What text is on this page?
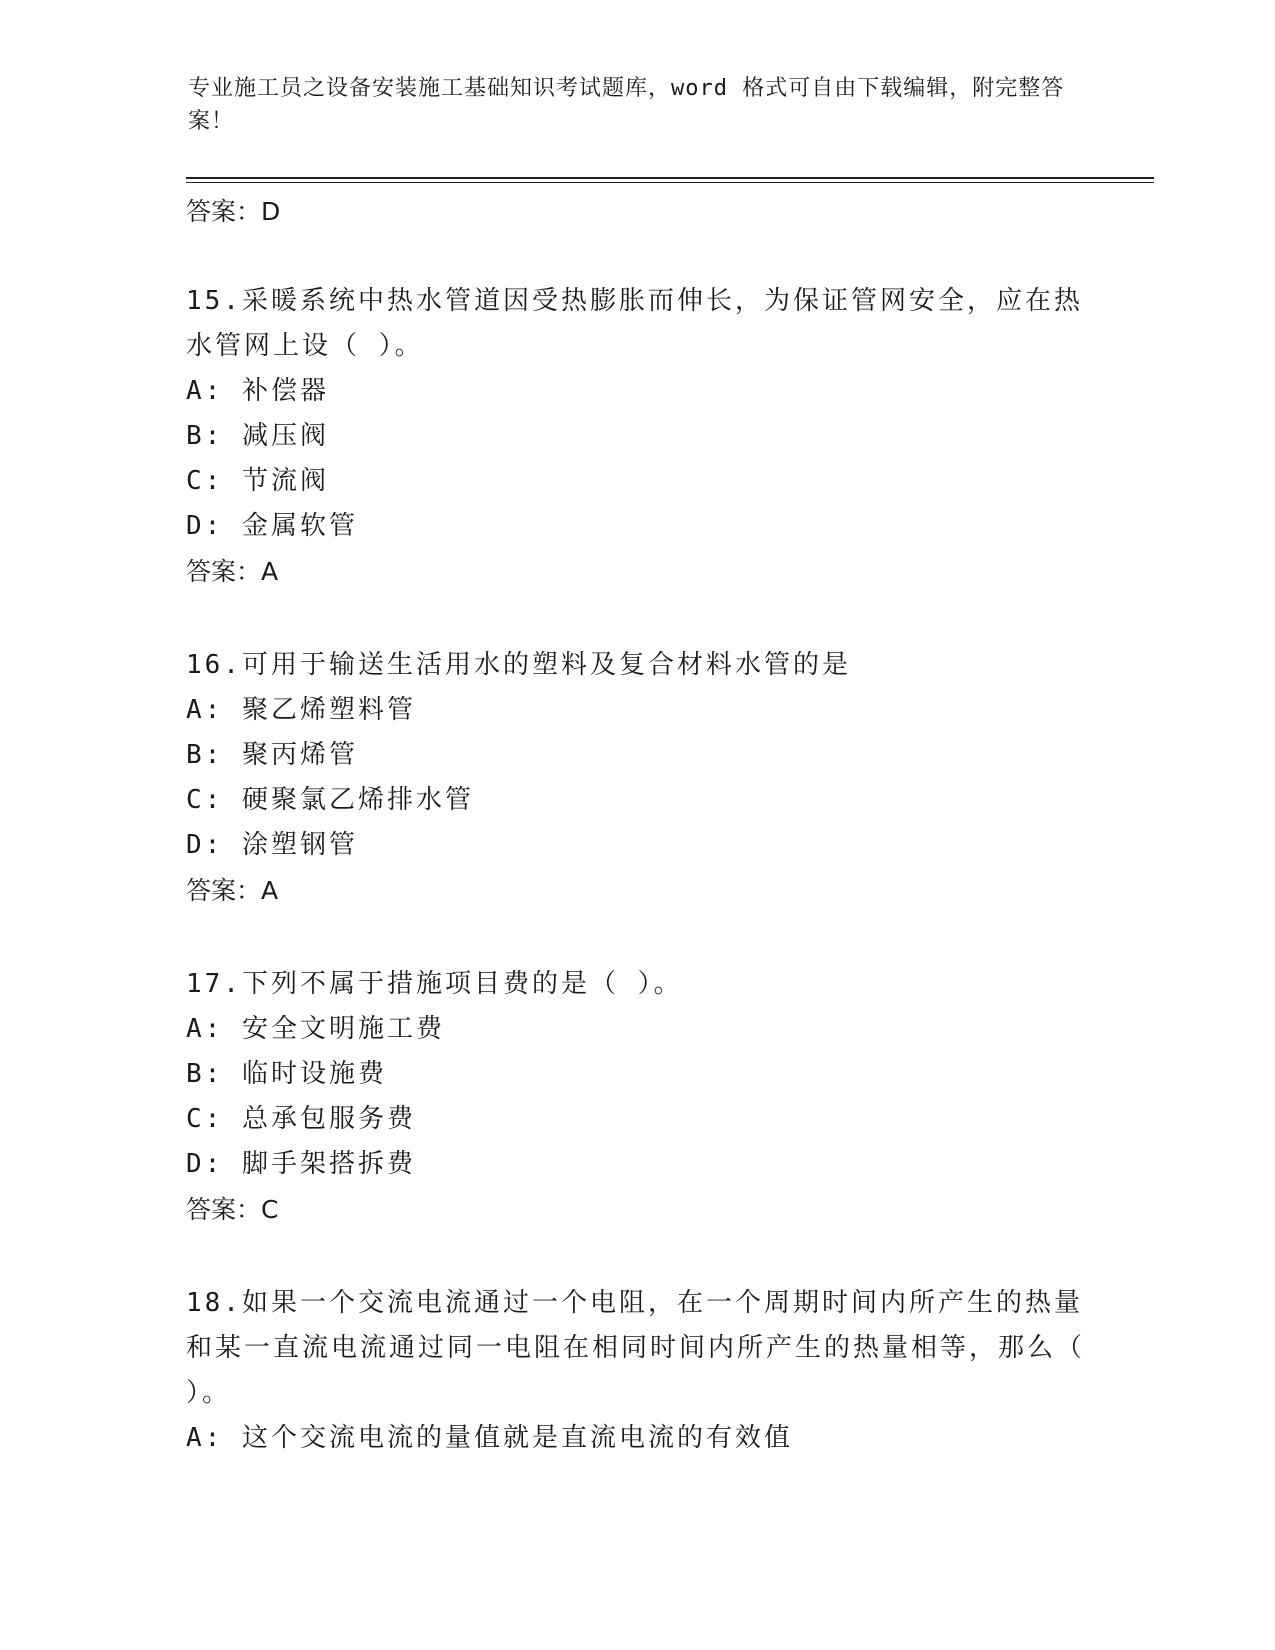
专业施工员之设备安装施工基础知识考试题库，word 格式可自由下载编辑，附完整答案！
答案：D
15.采暖系统中热水管道因受热膨胀而伸长，为保证管网安全，应在热水管网上设（ ）。
A: 补偿器
B: 减压阀
C: 节流阀
D: 金属软管
答案：A
16.可用于输送生活用水的塑料及复合材料水管的是
A: 聚乙烯塑料管
B: 聚丙烯管
C: 硬聚氯乙烯排水管
D: 涂塑钢管
答案：A
17.下列不属于措施项目费的是（ ）。
A: 安全文明施工费
B: 临时设施费
C: 总承包服务费
D: 脚手架搭拆费
答案：C
18.如果一个交流电流通过一个电阻，在一个周期时间内所产生的热量和某一直流电流通过同一电阻在相同时间内所产生的热量相等，那么（ ）。
A: 这个交流电流的量值就是直流电流的有效值
